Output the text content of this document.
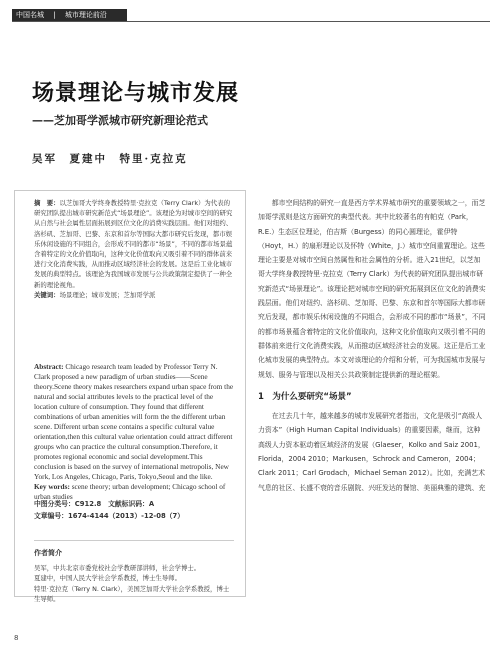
中国名城 　|　 城市理论前沿
场景理论与城市发展
——芝加哥学派城市研究新理论范式
吴军　夏建中　特里·克拉克

摘　要：以芝加哥大学终身教授特里·克拉克（Terry Clark）为代表的研究团队提出城市研究新范式“场景理论”。该理论为对城市空间的研究从自然与社会属性层面拓展到区位文化的消费实践层面。他们对纽约、洛杉矶、芝加哥、巴黎、东京和首尔等国际大都市研究后发现，都市娱乐休闲设施的不同组合，会形成不同的都市“场景”，不同的都市场景蕴含着特定的文化价值取向，这种文化价值取向又吸引着不同的群体前来进行文化消费实践，从而推动区域经济社会的发展。这是后工业化城市发展的典型特点。该理论为我国城市发展与公共政策制定提供了一种全新的理论视角。

关键词：场景理论；城市发展；芝加哥学派

Abstract: Chicago research team leaded by Professor Terry N. Clark proposed a new paradigm of urban studies——Scene theory.Scene theory makes researchers expand urban space from the natural and social attributes levels to the practical level of the location culture of consumption. They found that different combinations of urban amenities will form the the different urban scene. Different urban scene contains a specific cultural value orientation,then this cultural value orientation could attract different groups who can practice the cultural consumption.Therefore, it promotes regional economic and social development.This conclusion is based on the survey of international metropolis, New York, Los Angeles, Chicago, Paris, Tokyo,Seoul and the like.

Key words: scene theory; urban development; Chicago school of urban studies

中图分类号：C912.8　文献标识码：A

文章编号：1674-4144（2013）-12-08（7）

作者简介

吴军，中共北京市委党校社会学教研部讲师，社会学博士。

夏建中，中国人民大学社会学系教授，博士生导师。

特里·克拉克（Terry N. Clark），美国芝加哥大学社会学系教授，博士生导师。

都市空间结构的研究一直是西方学术界城市研究的重要领域之一，而芝加哥学派则是这方面研究的典型代表。其中比较著名的有帕克（Park，R.E.）生态区位理论，伯吉斯（Burgess）的同心圆理论，霍伊特（Hoyt，H.）的扇形理论以及怀特（White，J.）城市空间重置理论。这些理论主要是对城市空间自然属性和社会属性的分析。进入21世纪，以芝加哥大学终身教授特里·克拉克（Terry Clark）为代表的研究团队提出城市研究新范式“场景理论”。该理论把对城市空间的研究拓展到区位文化的消费实践层面。他们对纽约、洛杉矶、芝加哥、巴黎、东京和首尔等国际大都市研究后发现，都市娱乐休闲设施的不同组合，会形成不同的都市“场景”，不同的都市场景蕴含着特定的文化价值取向，这种文化价值取向又吸引着不同的群体前来进行文化消费实践，从而推动区域经济社会的发展。这正是后工业化城市发展的典型特点。本文对该理论的介绍和分析，可为我国城市发展与规划、服务与管理以及相关公共政策制定提供新的理论框架。

1　为什么要研究“场景”

在过去几十年，越来越多的城市发展研究者指出，文化是吸引“高级人力资本”（High Human Capital Individuals）的重要因素，继而，这种高级人力资本驱动着区域经济的发展（Glaeser，Kolko and Saiz 2001，Florida，2004 2010；Markusen，Schrock and Cameron，2004；Clark 2011；Carl Grodach，Michael Seman 2012）。比如，充满艺术气息的社区、长盛不衰的音乐剧院、兴旺发达的餐馆、美丽典雅的建筑、充

8
